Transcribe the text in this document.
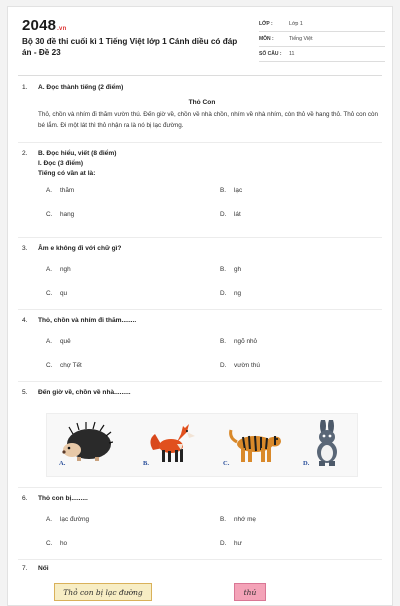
2048.vn
Bộ 30 đề thi cuối kì 1 Tiếng Việt lớp 1 Cánh diều có đáp án - Đề 23
LỚP :	Lớp 1
MÔN :	Tiếng Việt
SỐ CÂU :	11
1.	A. Đọc thành tiếng (2 điểm)
Thỏ Con
Thỏ, chồn và nhím đi thăm vườn thú. Đến giờ về, chồn về nhà chồn, nhím về nhà nhím, còn thỏ về hang thỏ. Thỏ con còn bé lắm. Đi một lát thì thỏ nhận ra là nó bị lạc đường.
2.	B. Đọc hiểu, viết (8 điểm)
I. Đọc (3 điểm)
Tiếng có vần at là:
A.	thăm	B.	lạc
C.	hang	D.	lát
3.	Âm e không đi với chữ gì?
A.	ngh	B.	gh
C.	qu	D.	ng
4.	Thỏ, chồn và nhím đi thăm........
A.	quê	B.	ngõ nhỏ
C.	chợ Tết	D.	vườn thú
5.	Đến giờ về, chồn về nhà.........
A.	B.	C.	D.
6.	Thỏ con bị.........
A.	lạc đường	B.	nhớ mẹ
C.	ho	D.	hư
7.	Nối
Thỏ con bị lạc đường	thú
